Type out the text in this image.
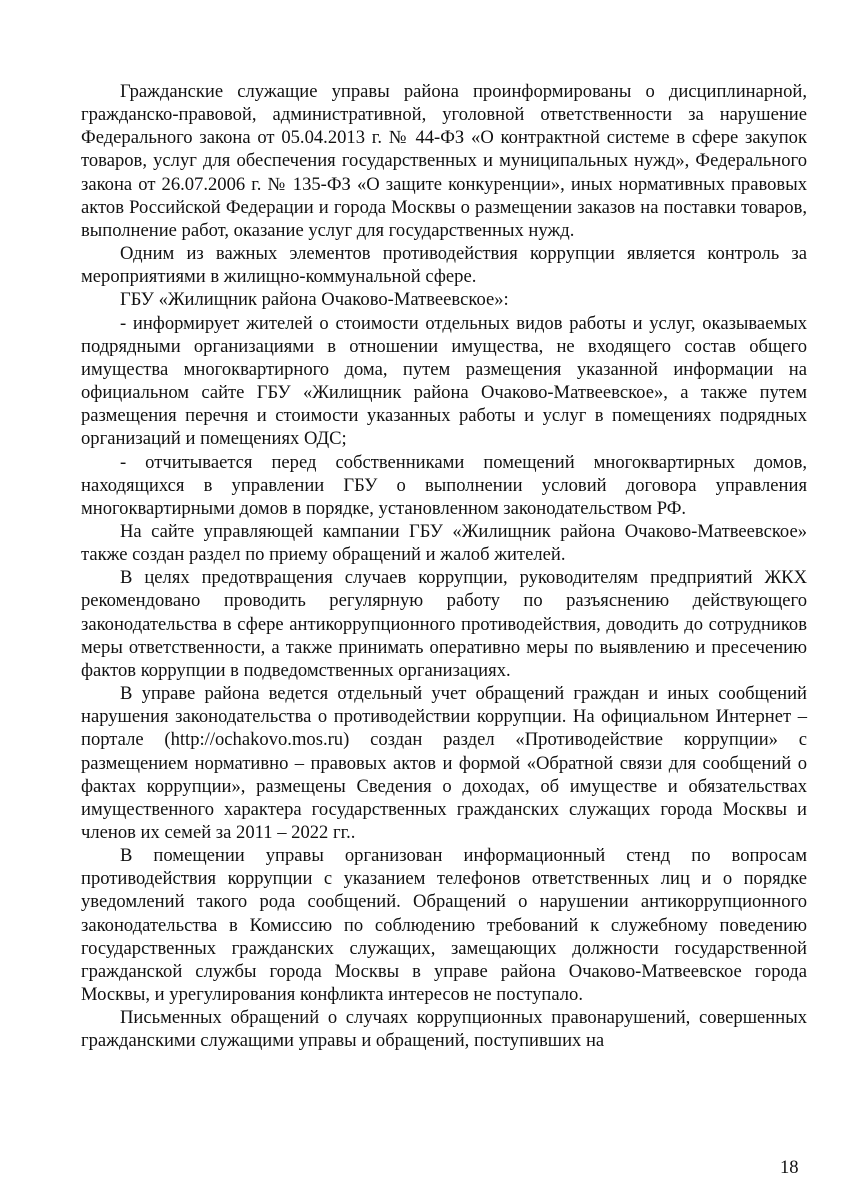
Гражданские служащие управы района проинформированы о дисциплинарной, гражданско-правовой, административной, уголовной ответственности за нарушение Федерального закона от 05.04.2013 г. № 44-ФЗ «О контрактной системе в сфере закупок товаров, услуг для обеспечения государственных и муниципальных нужд», Федерального закона от 26.07.2006 г. № 135-ФЗ «О защите конкуренции», иных нормативных правовых актов Российской Федерации и города Москвы о размещении заказов на поставки товаров, выполнение работ, оказание услуг для государственных нужд.

Одним из важных элементов противодействия коррупции является контроль за мероприятиями в жилищно-коммунальной сфере.

ГБУ «Жилищник района Очаково-Матвеевское»:

- информирует жителей о стоимости отдельных видов работы и услуг, оказываемых подрядными организациями в отношении имущества, не входящего состав общего имущества многоквартирного дома, путем размещения указанной информации на официальном сайте ГБУ «Жилищник района Очаково-Матвеевское», а также путем размещения перечня и стоимости указанных работы и услуг в помещениях подрядных организаций и помещениях ОДС;

- отчитывается перед собственниками помещений многоквартирных домов, находящихся в управлении ГБУ о выполнении условий договора управления многоквартирными домов в порядке, установленном законодательством РФ.

На сайте управляющей кампании ГБУ «Жилищник района Очаково-Матвеевское» также создан раздел по приему обращений и жалоб жителей.

В целях предотвращения случаев коррупции, руководителям предприятий ЖКХ рекомендовано проводить регулярную работу по разъяснению действующего законодательства в сфере антикоррупционного противодействия, доводить до сотрудников меры ответственности, а также принимать оперативно меры по выявлению и пресечению фактов коррупции в подведомственных организациях.

В управе района ведется отдельный учет обращений граждан и иных сообщений нарушения законодательства о противодействии коррупции. На официальном Интернет – портале (http://ochakovo.mos.ru) создан раздел «Противодействие коррупции» с размещением нормативно – правовых актов и формой «Обратной связи для сообщений о фактах коррупции», размещены Сведения о доходах, об имуществе и обязательствах имущественного характера государственных гражданских служащих города Москвы и членов их семей за 2011 – 2022 гг..

В помещении управы организован информационный стенд по вопросам противодействия коррупции с указанием телефонов ответственных лиц и о порядке уведомлений такого рода сообщений. Обращений о нарушении антикоррупционного законодательства в Комиссию по соблюдению требований к служебному поведению государственных гражданских служащих, замещающих должности государственной гражданской службы города Москвы в управе района Очаково-Матвеевское города Москвы, и урегулирования конфликта интересов не поступало.

Письменных обращений о случаях коррупционных правонарушений, совершенных гражданскими служащими управы и обращений, поступивших на

18
